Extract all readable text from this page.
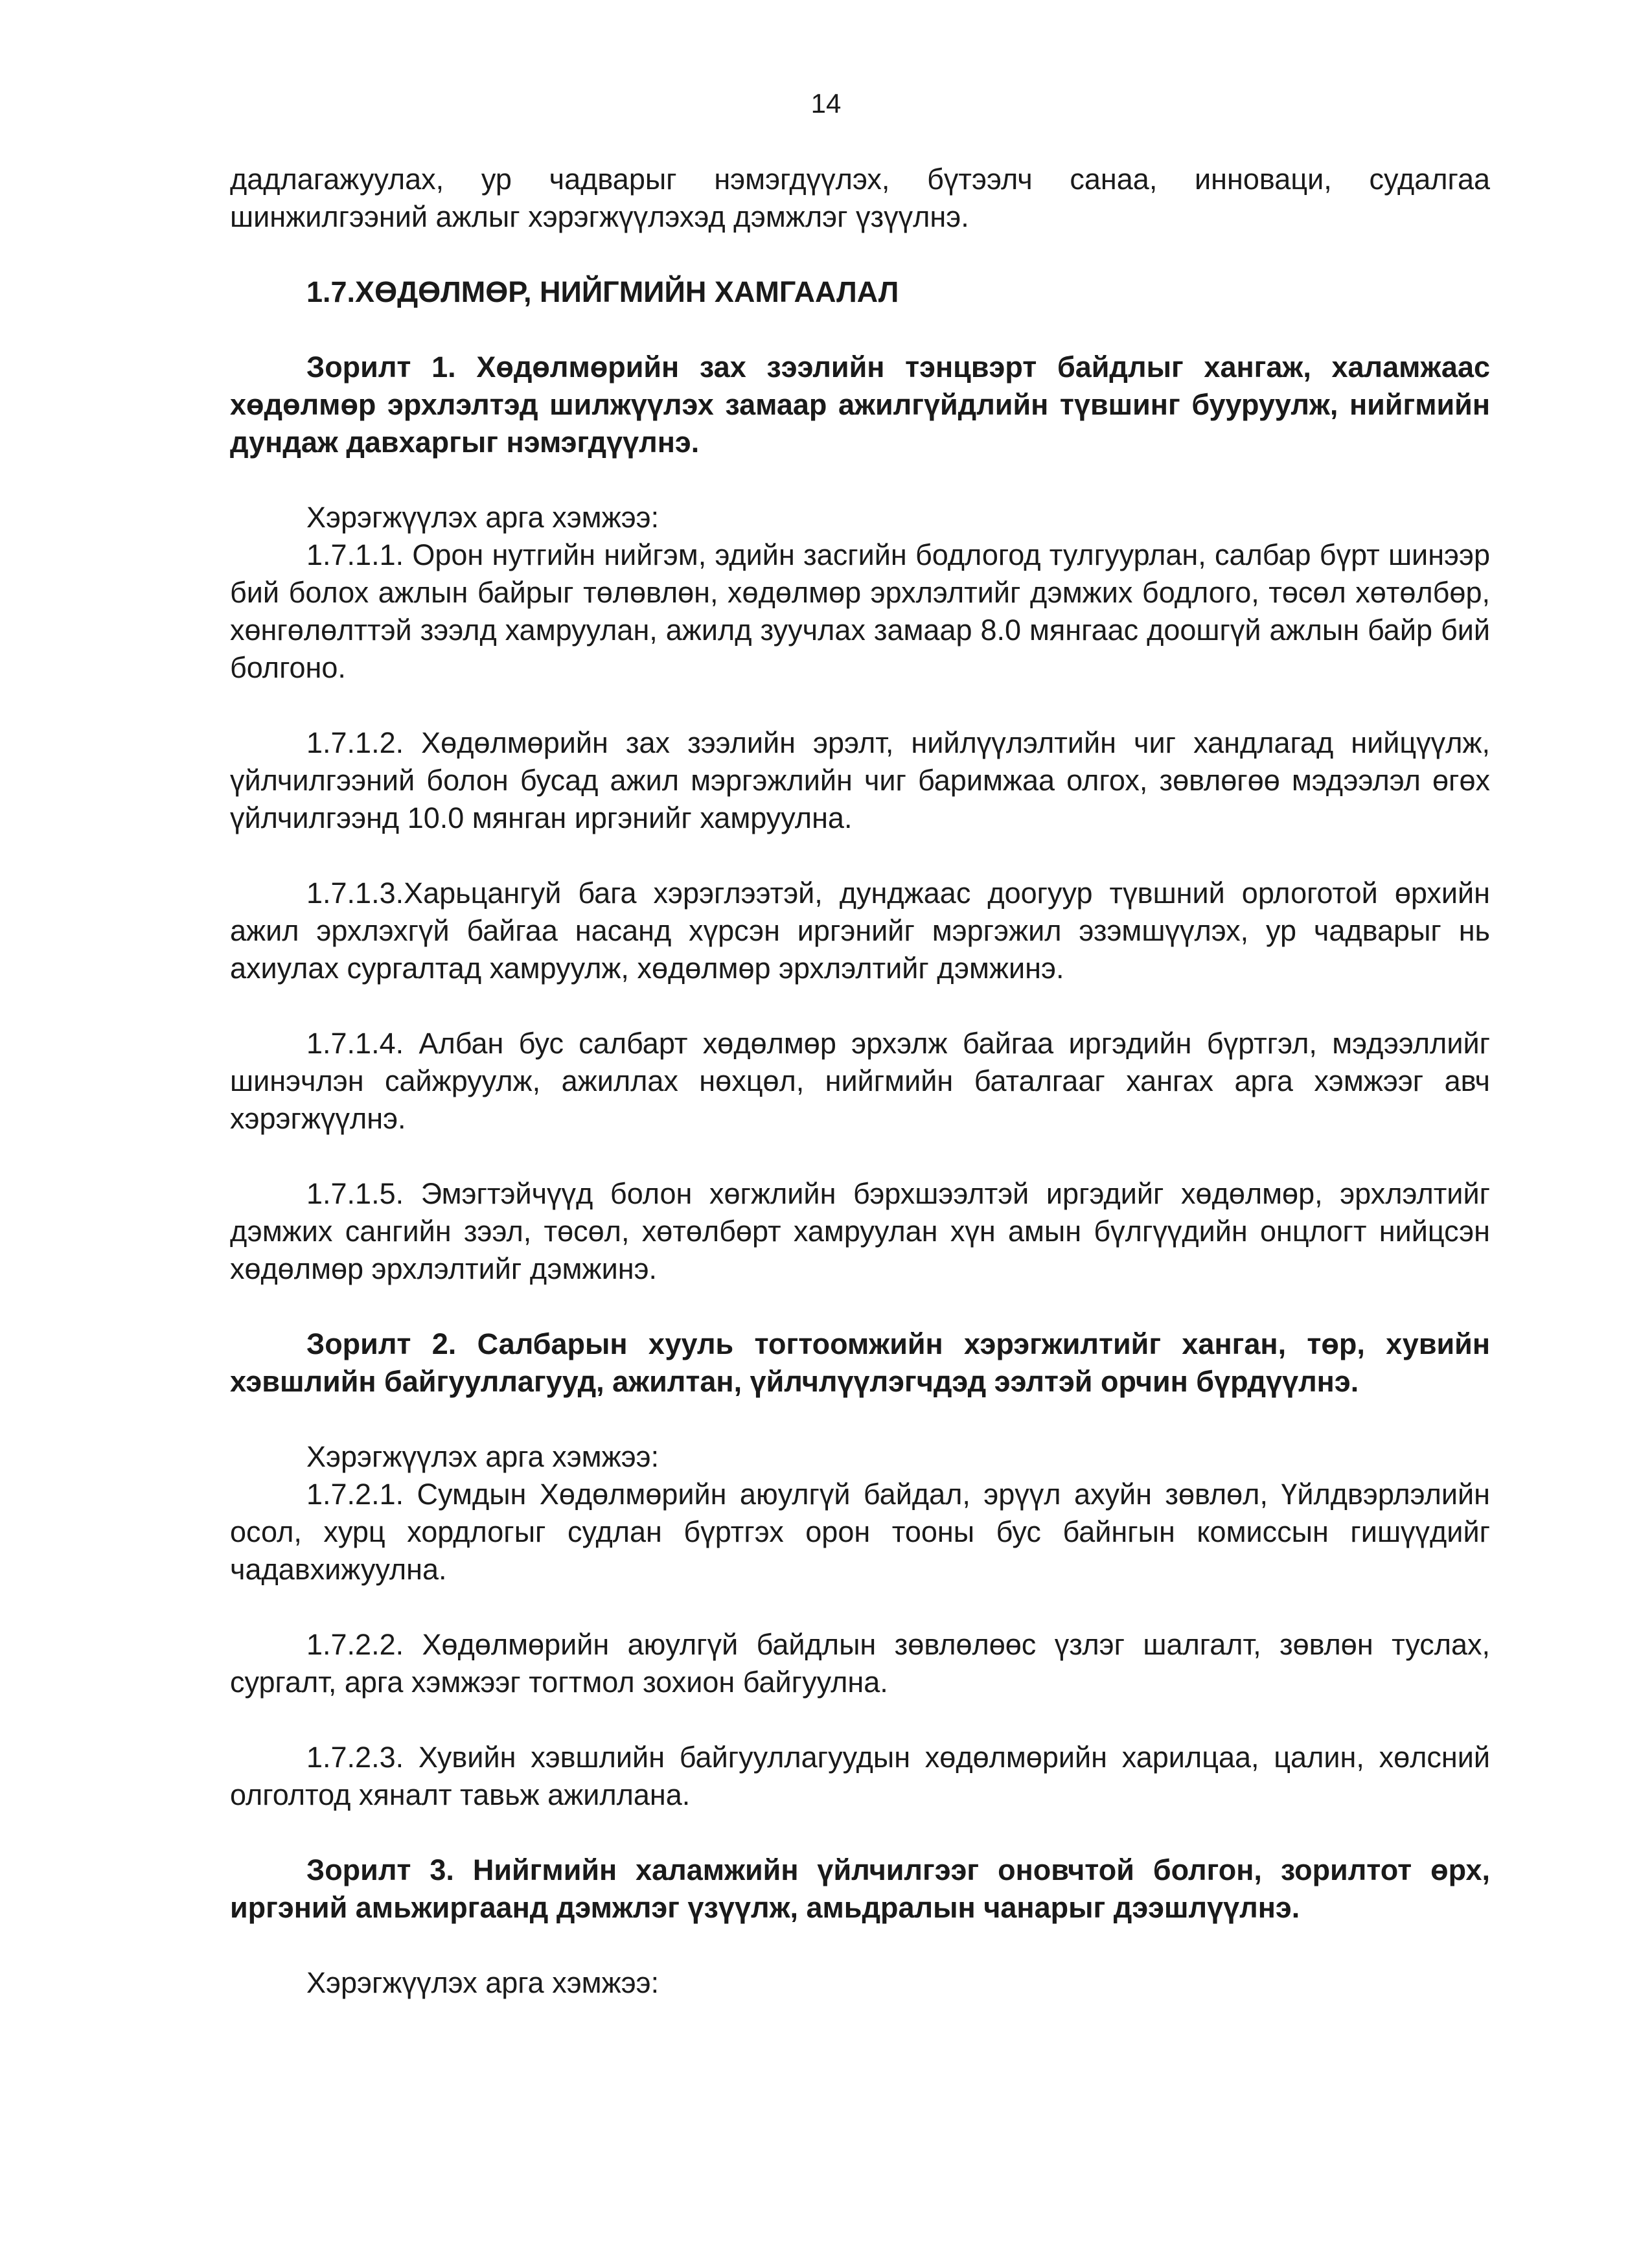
14

дадлагажуулах, ур чадварыг нэмэгдүүлэх, бүтээлч санаа, инноваци, судалгаа шинжилгээний ажлыг хэрэгжүүлэхэд дэмжлэг үзүүлнэ.

1.7.ХӨДӨЛМӨР, НИЙГМИЙН ХАМГААЛАЛ

Зорилт 1. Хөдөлмөрийн зах зээлийн тэнцвэрт байдлыг хангаж, халамжаас хөдөлмөр эрхлэлтэд шилжүүлэх замаар ажилгүйдлийн түвшинг бууруулж, нийгмийн дундаж давхаргыг нэмэгдүүлнэ.

Хэрэгжүүлэх арга хэмжээ:

1.7.1.1. Орон нутгийн нийгэм, эдийн засгийн бодлогод тулгуурлан, салбар бүрт шинээр бий болох ажлын байрыг төлөвлөн, хөдөлмөр эрхлэлтийг дэмжих бодлого, төсөл хөтөлбөр, хөнгөлөлттэй зээлд хамруулан, ажилд зуучлах замаар 8.0 мянгаас доошгүй ажлын байр бий болгоно.

1.7.1.2. Хөдөлмөрийн зах зээлийн эрэлт, нийлүүлэлтийн чиг хандлагад нийцүүлж, үйлчилгээний болон бусад ажил мэргэжлийн чиг баримжаа олгох, зөвлөгөө мэдээлэл өгөх үйлчилгээнд 10.0 мянган иргэнийг хамруулна.

1.7.1.3.Харьцангуй бага хэрэглээтэй, дунджаас доогуур түвшний орлоготой өрхийн ажил эрхлэхгүй байгаа насанд хүрсэн иргэнийг мэргэжил эзэмшүүлэх, ур чадварыг нь ахиулах сургалтад хамруулж, хөдөлмөр эрхлэлтийг дэмжинэ.

1.7.1.4. Албан бус салбарт хөдөлмөр эрхэлж байгаа иргэдийн бүртгэл, мэдээллийг шинэчлэн сайжруулж, ажиллах нөхцөл, нийгмийн баталгааг хангах арга хэмжээг авч хэрэгжүүлнэ.

1.7.1.5. Эмэгтэйчүүд болон хөгжлийн бэрхшээлтэй иргэдийг хөдөлмөр, эрхлэлтийг дэмжих сангийн зээл, төсөл, хөтөлбөрт хамруулан хүн амын бүлгүүдийн онцлогт нийцсэн хөдөлмөр эрхлэлтийг дэмжинэ.

Зорилт 2. Салбарын хууль тогтоомжийн хэрэгжилтийг ханган, төр, хувийн хэвшлийн байгууллагууд, ажилтан, үйлчлүүлэгчдэд ээлтэй орчин бүрдүүлнэ.

Хэрэгжүүлэх арга хэмжээ:

1.7.2.1. Сумдын Хөдөлмөрийн аюулгүй байдал, эрүүл ахуйн зөвлөл, Үйлдвэрлэлийн осол, хурц хордлогыг судлан бүртгэх орон тооны бус байнгын комиссын гишүүдийг чадавхижуулна.

1.7.2.2. Хөдөлмөрийн аюулгүй байдлын зөвлөлөөс үзлэг шалгалт, зөвлөн туслах, сургалт, арга хэмжээг тогтмол зохион байгуулна.

1.7.2.3. Хувийн хэвшлийн байгууллагуудын хөдөлмөрийн харилцаа, цалин, хөлсний олголтод хяналт тавьж ажиллана.

Зорилт 3. Нийгмийн халамжийн үйлчилгээг оновчтой болгон, зорилтот өрх, иргэний амьжиргаанд дэмжлэг үзүүлж, амьдралын чанарыг дээшлүүлнэ.

Хэрэгжүүлэх арга хэмжээ:
